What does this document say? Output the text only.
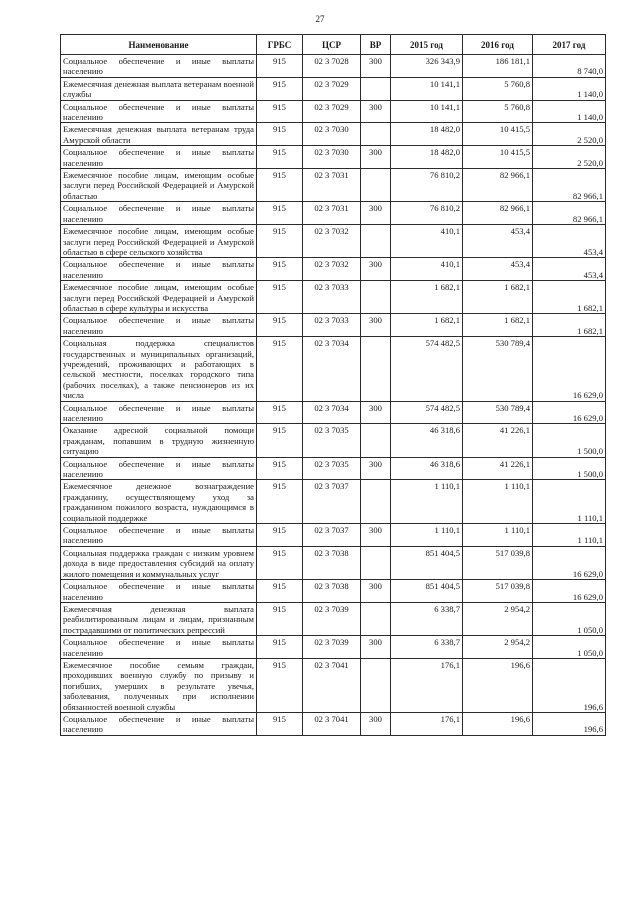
27
Наименование	ГРБС	ЦСР	ВР	2015 год	2016 год	2017 год
Социальное обеспечение и иные выплаты населению	915	02 3 7028	300	326 343,9	186 181,1	8 740,0
Ежемесячная денежная выплата ветеранам военной службы	915	02 3 7029		10 141,1	5 760,8	1 140,0
Социальное обеспечение и иные выплаты населению	915	02 3 7029	300	10 141,1	5 760,8	1 140,0
Ежемесячная денежная выплата ветеранам труда Амурской области	915	02 3 7030		18 482,0	10 415,5	2 520,0
Социальное обеспечение и иные выплаты населению	915	02 3 7030	300	18 482,0	10 415,5	2 520,0
Ежемесячное пособие лицам, имеющим особые заслуги перед Российской Федерацией и Амурской областью	915	02 3 7031		76 810,2	82 966,1	82 966,1
Социальное обеспечение и иные выплаты населению	915	02 3 7031	300	76 810,2	82 966,1	82 966,1
Ежемесячное пособие лицам, имеющим особые заслуги перед Российской Федерацией и Амурской областью в сфере сельского хозяйства	915	02 3 7032		410,1	453,4	453,4
Социальное обеспечение и иные выплаты населению	915	02 3 7032	300	410,1	453,4	453,4
Ежемесячное пособие лицам, имеющим особые заслуги перед Российской Федерацией и Амурской областью в сфере культуры и искусства	915	02 3 7033		1 682,1	1 682,1	1 682,1
Социальное обеспечение и иные выплаты населению	915	02 3 7033	300	1 682,1	1 682,1	1 682,1
Социальная поддержка специалистов государственных и муниципальных организаций, учреждений, проживающих и работающих в сельской местности, поселках городского типа (рабочих поселках), а также пенсионеров из их числа	915	02 3 7034		574 482,5	530 789,4	16 629,0
Социальное обеспечение и иные выплаты населению	915	02 3 7034	300	574 482,5	530 789,4	16 629,0
Оказание адресной социальной помощи гражданам, попавшим в трудную жизненную ситуацию	915	02 3 7035		46 318,6	41 226,1	1 500,0
Социальное обеспечение и иные выплаты населению	915	02 3 7035	300	46 318,6	41 226,1	1 500,0
Ежемесячное денежное вознаграждение гражданину, осуществляющему уход за гражданином пожилого возраста, нуждающимся в социальной поддержке	915	02 3 7037		1 110,1	1 110,1	1 110,1
Социальное обеспечение и иные выплаты населению	915	02 3 7037	300	1 110,1	1 110,1	1 110,1
Социальная поддержка граждан с низким уровнем дохода в виде предоставления субсидий на оплату жилого помещения и коммунальных услуг	915	02 3 7038		851 404,5	517 039,8	16 629,0
Социальное обеспечение и иные выплаты населению	915	02 3 7038	300	851 404,5	517 039,8	16 629,0
Ежемесячная денежная выплата реабилитированным лицам и лицам, признанным пострадавшими от политических репрессий	915	02 3 7039		6 338,7	2 954,2	1 050,0
Социальное обеспечение и иные выплаты населению	915	02 3 7039	300	6 338,7	2 954,2	1 050,0
Ежемесячное пособие семьям граждан, проходивших военную службу по призыву и погибших, умерших в результате увечья, заболевания, полученных при исполнении обязанностей военной службы	915	02 3 7041		176,1	196,6	196,6
Социальное обеспечение и иные выплаты населению	915	02 3 7041	300	176,1	196,6	196,6
